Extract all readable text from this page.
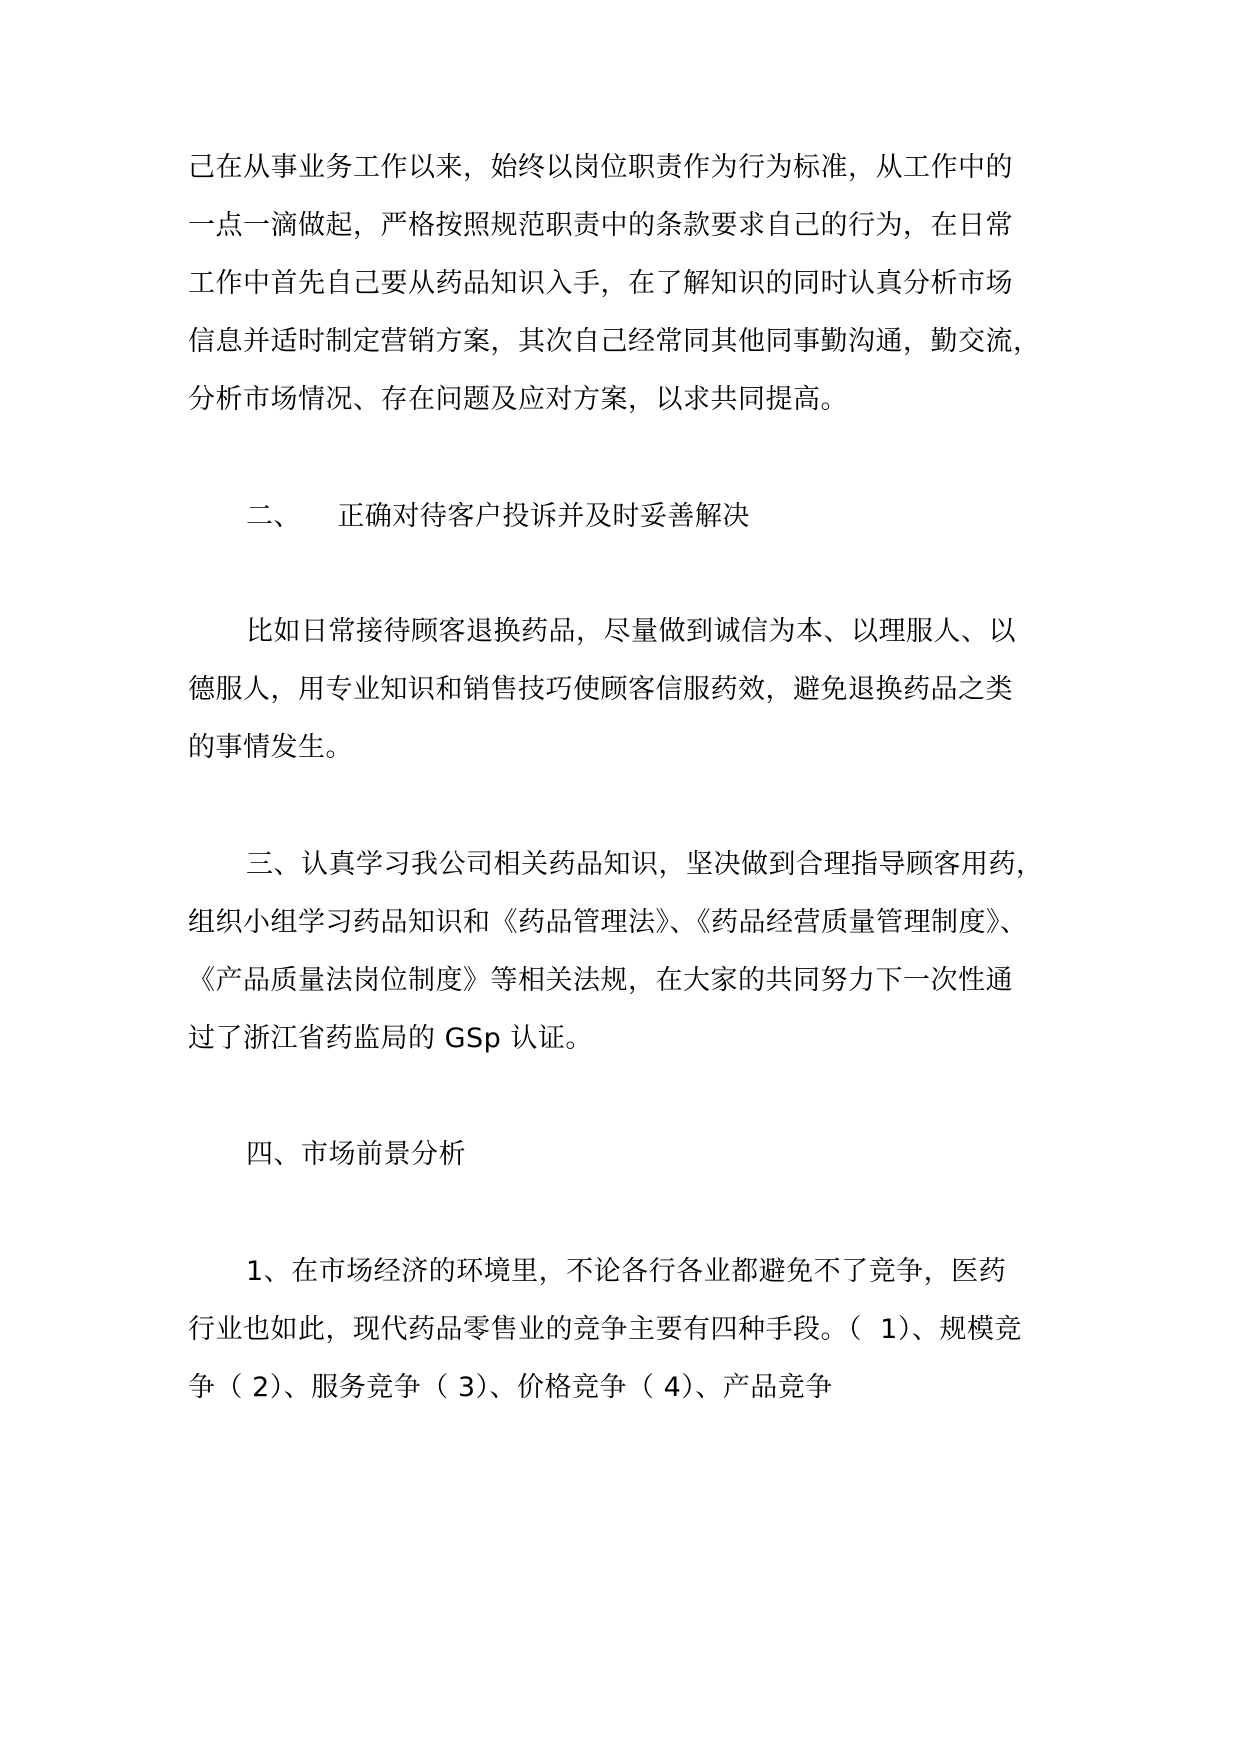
己在从事业务工作以来，始终以岗位职责作为行为标准，从工作中的
一点一滴做起，严格按照规范职责中的条款要求自己的行为，在日常
工作中首先自己要从药品知识入手，在了解知识的同时认真分析市场
信息并适时制定营销方案，其次自己经常同其他同事勤沟通，勤交流，
分析市场情况、存在问题及应对方案，以求共同提高。
二、    正确对待客户投诉并及时妥善解决
比如日常接待顾客退换药品，尽量做到诚信为本、以理服人、以
德服人，用专业知识和销售技巧使顾客信服药效，避免退换药品之类
的事情发生。
三、认真学习我公司相关药品知识，坚决做到合理指导顾客用药，
组织小组学习药品知识和《药品管理法》、《药品经营质量管理制度》、
《产品质量法岗位制度》等相关法规，在大家的共同努力下一次性通
过了浙江省药监局的 GSp 认证。
四、市场前景分析
1、在市场经济的环境里，不论各行各业都避免不了竞争，医药
行业也如此，现代药品零售业的竞争主要有四种手段。（  1）、规模竞
争（ 2）、服务竞争（ 3）、价格竞争（ 4）、产品竞争
